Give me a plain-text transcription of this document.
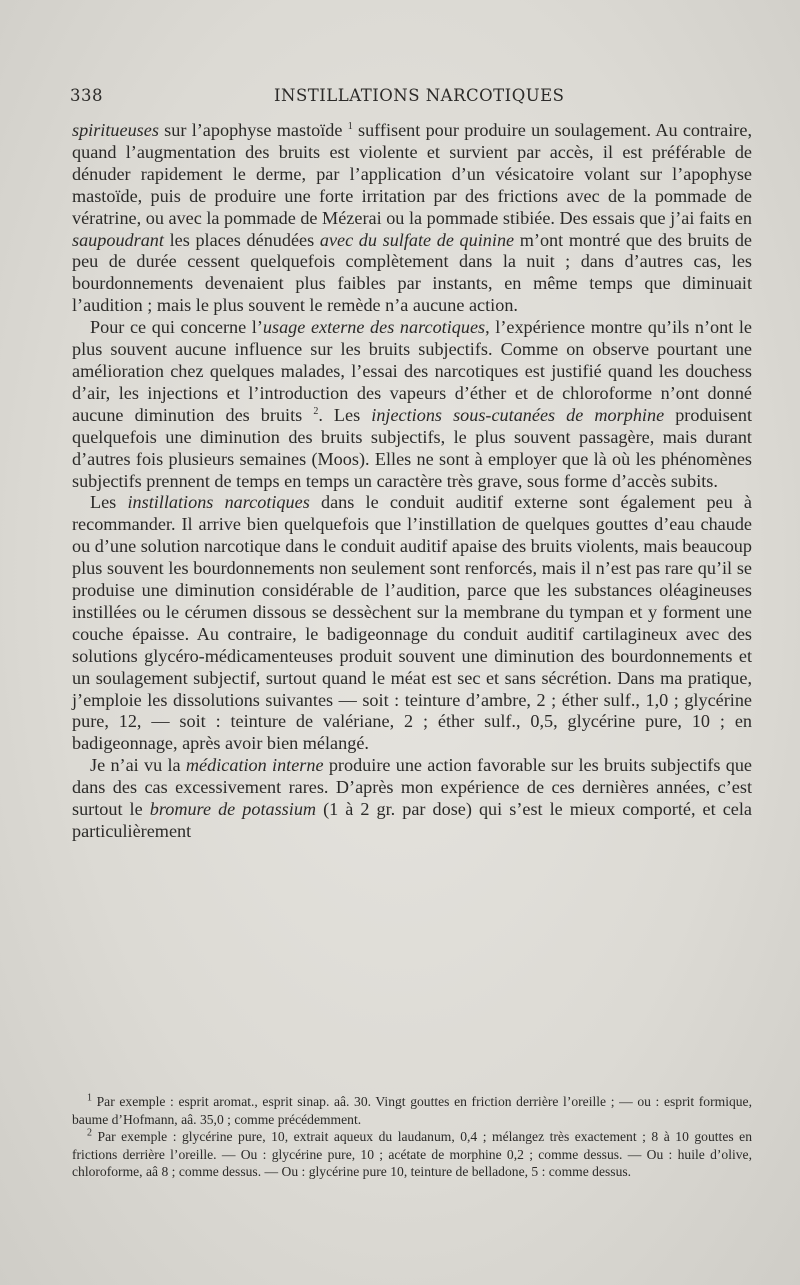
338	INSTILLATIONS NARCOTIQUES

spiritueuses sur l’apophyse mastoïde $^1$ suffisent pour produire un soulagement. Au contraire, quand l’augmentation des bruits est violente et survient par accès, il est préférable de dénuder rapidement le derme, par l’application d’un vésicatoire volant sur l’apophyse mastoïde, puis de produire une forte irritation par des frictions avec de la pommade de vératrine, ou avec la pommade de Mézerai ou la pommade stibiée. Des essais que j’ai faits en saupoudrant les places dénudées avec du sulfate de quinine m’ont montré que des bruits de peu de durée cessent quelquefois complètement dans la nuit ; dans d’autres cas, les bourdonnements devenaient plus faibles par instants, en même temps que diminuait l’audition ; mais le plus souvent le remède n’a aucune action.

Pour ce qui concerne l’usage externe des narcotiques, l’expérience montre qu’ils n’ont le plus souvent aucune influence sur les bruits subjectifs. Comme on observe pourtant une amélioration chez quelques malades, l’essai des narcotiques est justifié quand les douchess d’air, les injections et l’introduction des vapeurs d’éther et de chloroforme n’ont donné aucune diminution des bruits $^2$. Les injections sous-cutanées de morphine produisent quelquefois une diminution des bruits subjectifs, le plus souvent passagère, mais durant d’autres fois plusieurs semaines (Moos). Elles ne sont à employer que là où les phénomènes subjectifs prennent de temps en temps un caractère très grave, sous forme d’accès subits.

Les instillations narcotiques dans le conduit auditif externe sont également peu à recommander. Il arrive bien quelquefois que l’instillation de quelques gouttes d’eau chaude ou d’une solution narcotique dans le conduit auditif apaise des bruits violents, mais beaucoup plus souvent les bourdonnements non seulement sont renforcés, mais il n’est pas rare qu’il se produise une diminution considérable de l’audition, parce que les substances oléagineuses instillées ou le cérumen dissous se dessèchent sur la membrane du tympan et y forment une couche épaisse. Au contraire, le badigeonnage du conduit auditif cartilagineux avec des solutions glycéro-médicamenteuses produit souvent une diminution des bourdonnements et un soulagement subjectif, surtout quand le méat est sec et sans sécrétion. Dans ma pratique, j’emploie les dissolutions suivantes — soit : teinture d’ambre, 2 ; éther sulf., 1,0 ; glycérine pure, 12, — soit : teinture de valériane, 2 ; éther sulf., 0,5, glycérine pure, 10 ; en badigeonnage, après avoir bien mélangé.

Je n’ai vu la médication interne produire une action favorable sur les bruits subjectifs que dans des cas excessivement rares. D’après mon expérience de ces dernières années, c’est surtout le bromure de potassium (1 à 2 gr. par dose) qui s’est le mieux comporté, et cela particulièrement

$^1$ Par exemple : esprit aromat., esprit sinap. aâ. 30. Vingt gouttes en friction derrière l’oreille ; — ou : esprit formique, baume d’Hofmann, aâ. 35,0 ; comme précédemment.

$^2$ Par exemple : glycérine pure, 10, extrait aqueux du laudanum, 0,4 ; mélangez très exactement ; 8 à 10 gouttes en frictions derrière l’oreille. — Ou : glycérine pure, 10 ; acétate de morphine 0,2 ; comme dessus. — Ou : huile d’olive, chloroforme, aâ 8 ; comme dessus. — Ou : glycérine pure 10, teinture de belladone, 5 : comme dessus.
